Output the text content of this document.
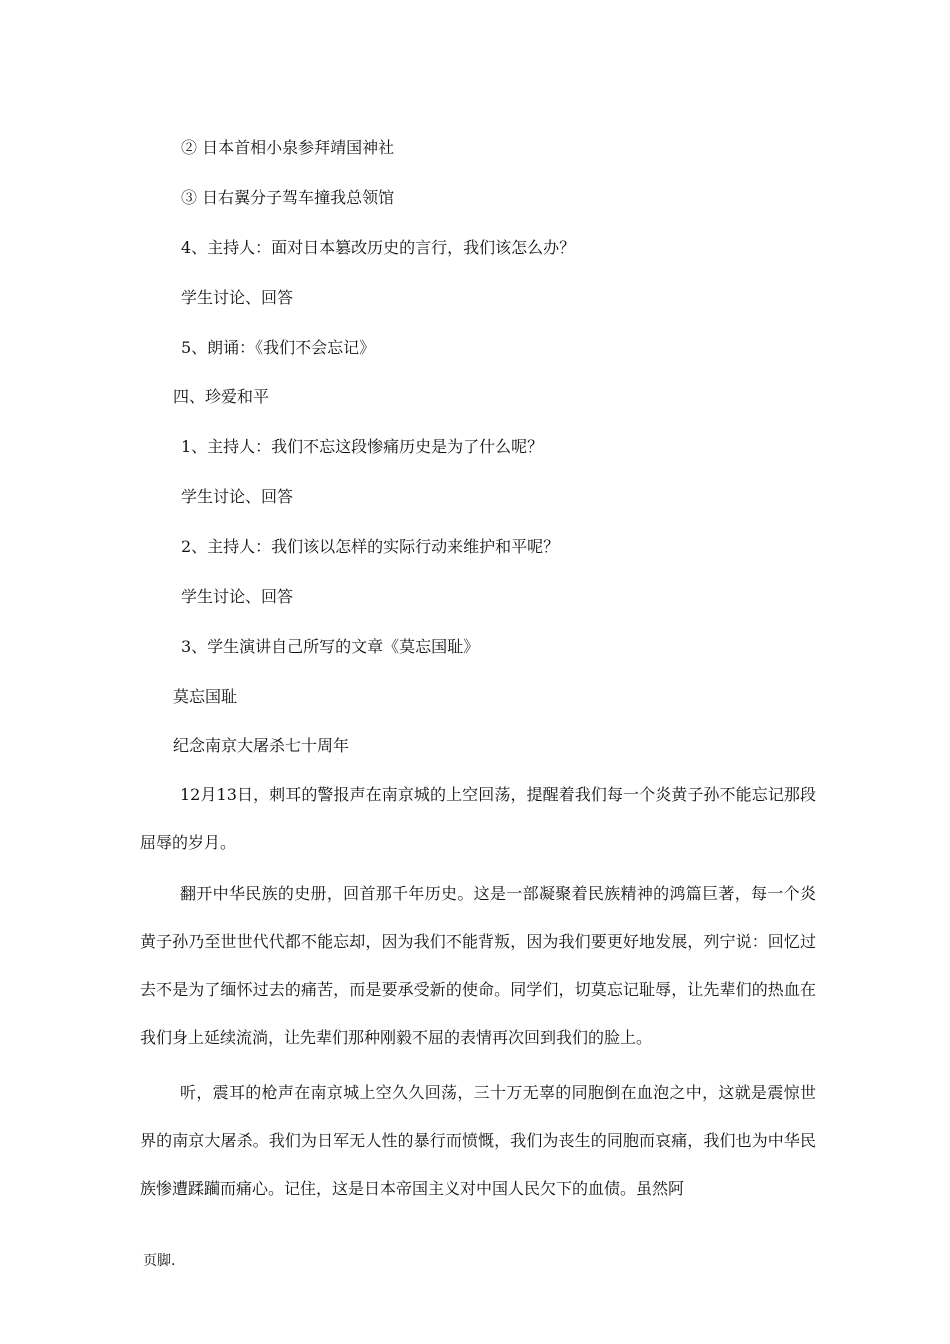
② 日本首相小泉参拜靖国神社
③ 日右翼分子驾车撞我总领馆
4、主持人：面对日本篡改历史的言行，我们该怎么办？
学生讨论、回答
5、朗诵：《我们不会忘记》
四、珍爱和平
1、主持人：我们不忘这段惨痛历史是为了什么呢？
学生讨论、回答
2、主持人：我们该以怎样的实际行动来维护和平呢？
学生讨论、回答
3、学生演讲自己所写的文章《莫忘国耻》
莫忘国耻
纪念南京大屠杀七十周年
12月13日，刺耳的警报声在南京城的上空回荡，提醒着我们每一个炎黄子孙不能忘记那段屈辱的岁月。
翻开中华民族的史册，回首那千年历史。这是一部凝聚着民族精神的鸿篇巨著，每一个炎黄子孙乃至世世代代都不能忘却，因为我们不能背叛，因为我们要更好地发展，列宁说：回忆过去不是为了缅怀过去的痛苦，而是要承受新的使命。同学们，切莫忘记耻辱，让先辈们的热血在我们身上延续流淌，让先辈们那种刚毅不屈的表情再次回到我们的脸上。
听，震耳的枪声在南京城上空久久回荡，三十万无辜的同胞倒在血泡之中，这就是震惊世界的南京大屠杀。我们为日军无人性的暴行而愤慨，我们为丧生的同胞而哀痛，我们也为中华民族惨遭蹂躏而痛心。记住，这是日本帝国主义对中国人民欠下的血债。虽然阿
页脚.
